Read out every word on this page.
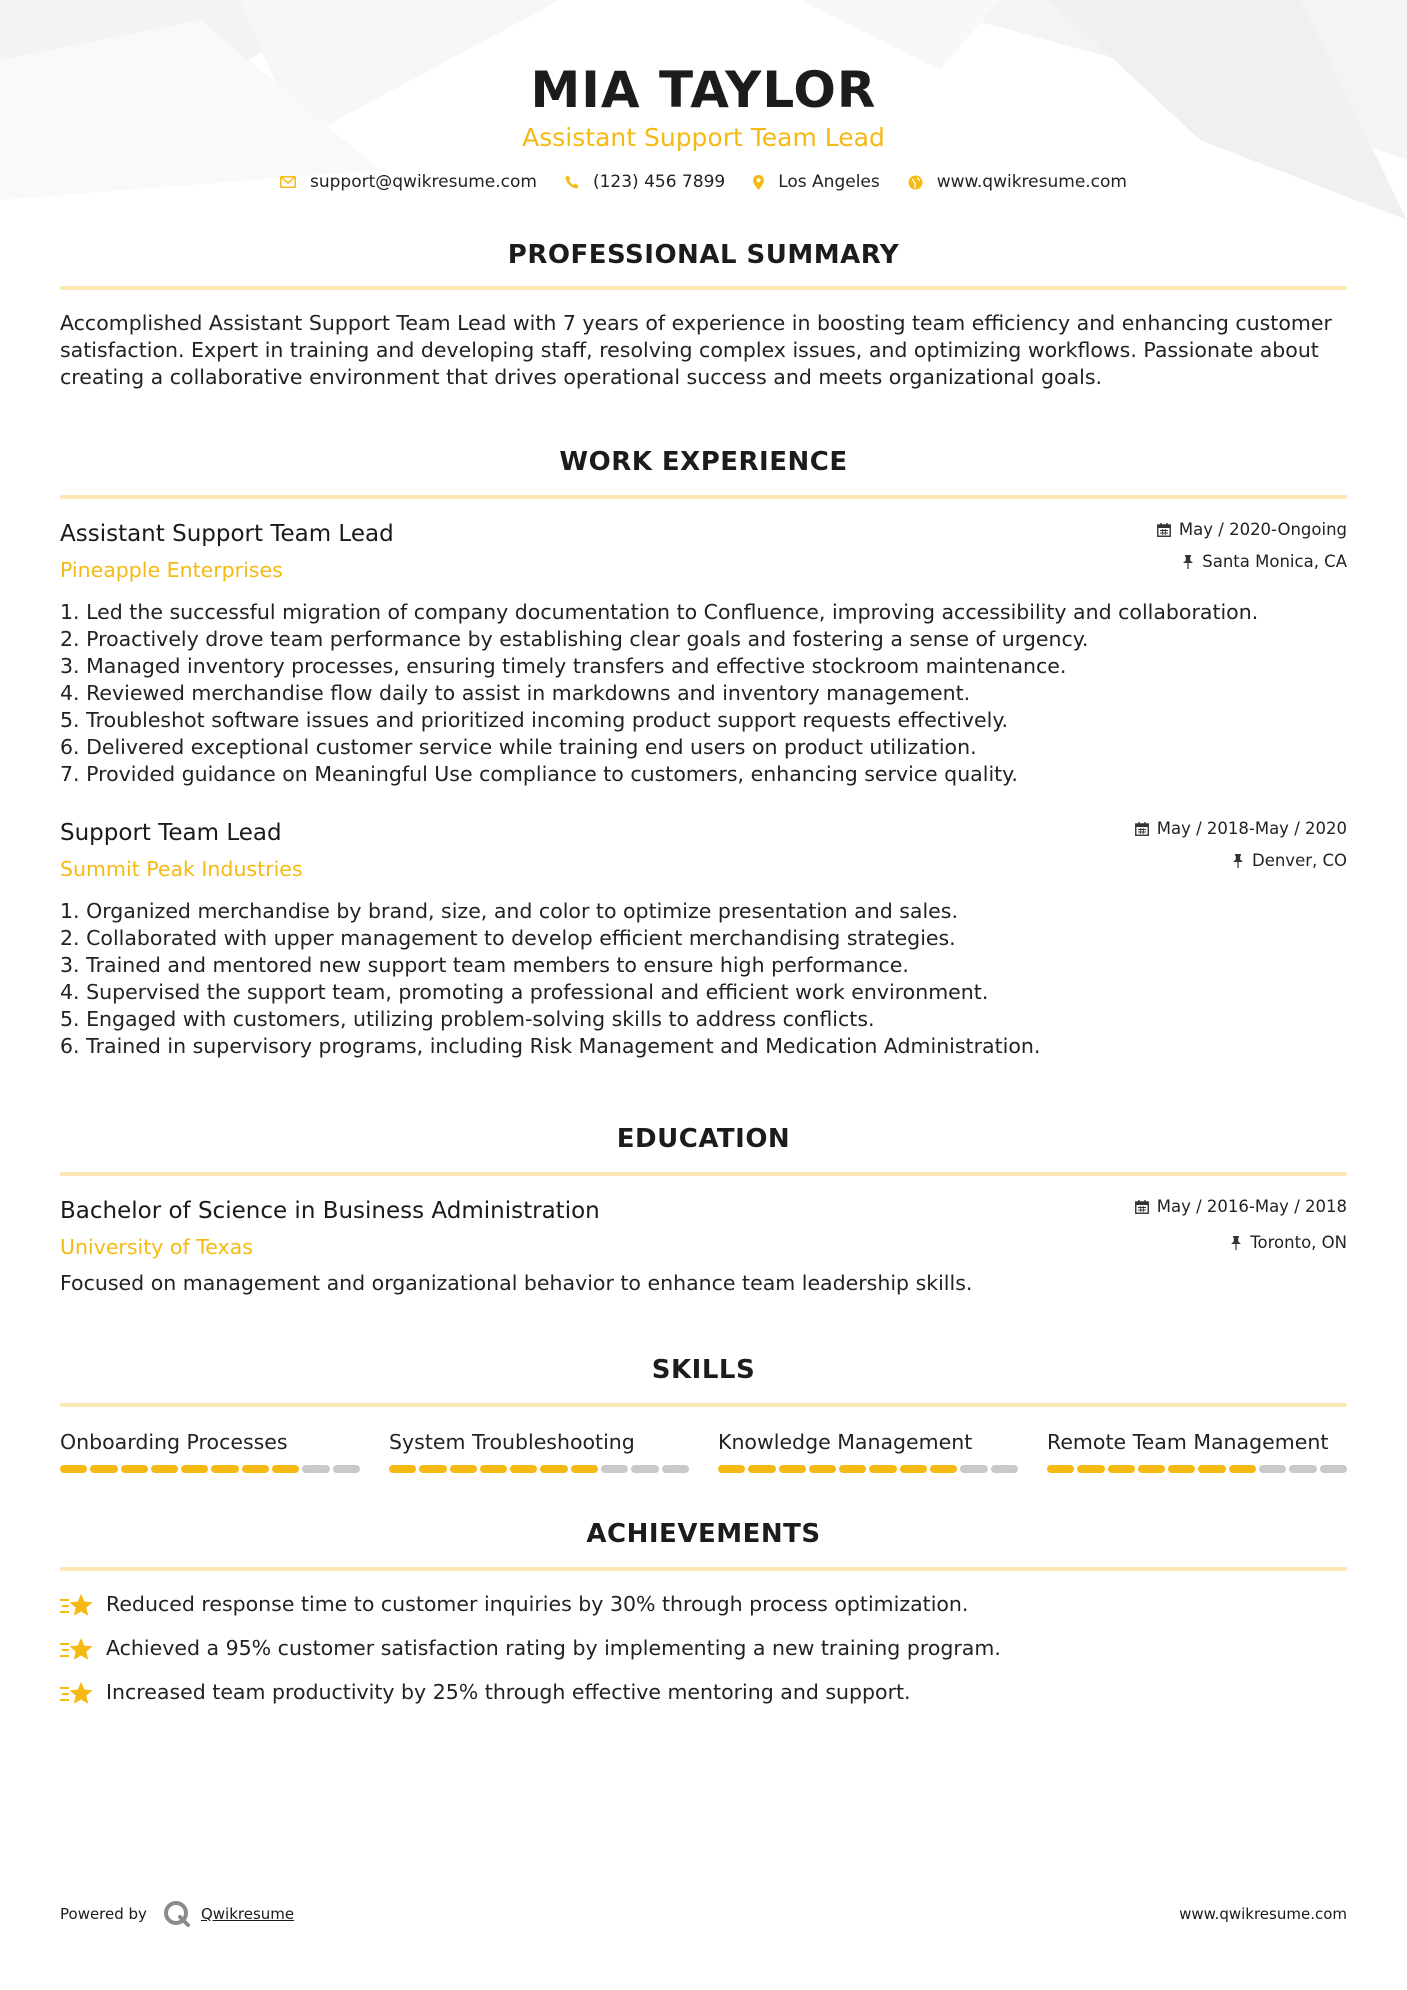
MIA TAYLOR
Assistant Support Team Lead
support@qwikresume.com	(123) 456 7899	Los Angeles	www.qwikresume.com
PROFESSIONAL SUMMARY

Accomplished Assistant Support Team Lead with 7 years of experience in boosting team efficiency and enhancing customer satisfaction. Expert in training and developing staff, resolving complex issues, and optimizing workflows. Passionate about creating a collaborative environment that drives operational success and meets organizational goals.

WORK EXPERIENCE
Assistant Support Team Lead
Pineapple Enterprises
May / 2020-Ongoing
Santa Monica, CA
1.
Led the successful migration of company documentation to Confluence, improving accessibility and collaboration.
2.
Proactively drove team performance by establishing clear goals and fostering a sense of urgency.
3.
Managed inventory processes, ensuring timely transfers and effective stockroom maintenance.
4.
Reviewed merchandise flow daily to assist in markdowns and inventory management.
5.
Troubleshot software issues and prioritized incoming product support requests effectively.
6.
Delivered exceptional customer service while training end users on product utilization.
7.
Provided guidance on Meaningful Use compliance to customers, enhancing service quality.
Support Team Lead
Summit Peak Industries
May / 2018-May / 2020
Denver, CO
1.
Organized merchandise by brand, size, and color to optimize presentation and sales.
2.
Collaborated with upper management to develop efficient merchandising strategies.
3.
Trained and mentored new support team members to ensure high performance.
4.
Supervised the support team, promoting a professional and efficient work environment.
5.
Engaged with customers, utilizing problem-solving skills to address conflicts.
6.
Trained in supervisory programs, including Risk Management and Medication Administration.
EDUCATION
Bachelor of Science in Business Administration
University of Texas
May / 2016-May / 2018
Toronto, ON

Focused on management and organizational behavior to enhance team leadership skills.

SKILLS
Onboarding Processes	System Troubleshooting	Knowledge Management	Remote Team Management
ACHIEVEMENTS
Reduced response time to customer inquiries by 30% through process optimization.
Achieved a 95% customer satisfaction rating by implementing a new training program.
Increased team productivity by 25% through effective mentoring and support.
Powered by	Qwikresume	www.qwikresume.com
